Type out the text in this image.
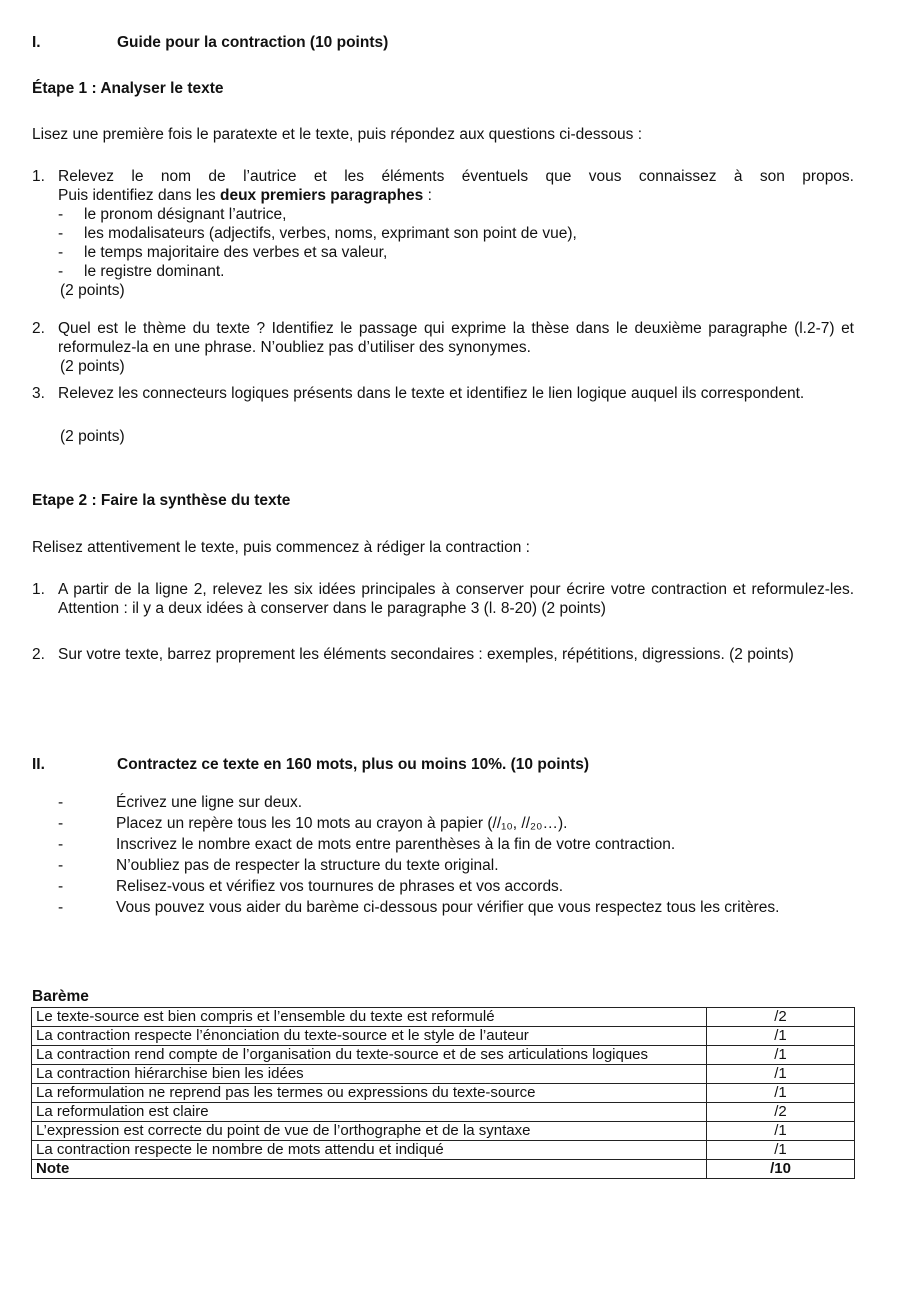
I.	Guide pour la contraction (10 points)
Étape 1 : Analyser le texte
Lisez une première fois le paratexte et le texte, puis répondez aux questions ci-dessous :
1. Relevez le nom de l’autrice et les éléments éventuels que vous connaissez à son propos.
Puis identifiez dans les deux premiers paragraphes :
- le pronom désignant l’autrice,
- les modalisateurs (adjectifs, verbes, noms, exprimant son point de vue),
- le temps majoritaire des verbes et sa valeur,
- le registre dominant.
(2 points)
2. Quel est le thème du texte ? Identifiez le passage qui exprime la thèse dans le deuxième paragraphe (l.2-7) et reformulez-la en une phrase. N’oubliez pas d’utiliser des synonymes.
(2 points)
3. Relevez les connecteurs logiques présents dans le texte et identifiez le lien logique auquel ils correspondent.
(2 points)
Etape 2 : Faire la synthèse du texte
Relisez attentivement le texte, puis commencez à rédiger la contraction :
1. A partir de la ligne 2, relevez les six idées principales à conserver pour écrire votre contraction et reformulez-les. Attention : il y a deux idées à conserver dans le paragraphe 3 (l. 8-20) (2 points)
2. Sur votre texte, barrez proprement les éléments secondaires : exemples, répétitions, digressions. (2 points)
II.	Contractez ce texte en 160 mots, plus ou moins 10%. (10 points)
-	Écrivez une ligne sur deux.
-	Placez un repère tous les 10 mots au crayon à papier (//₁₀, //₂₀…).
-	Inscrivez le nombre exact de mots entre parenthèses à la fin de votre contraction.
-	N’oubliez pas de respecter la structure du texte original.
-	Relisez-vous et vérifiez vos tournures de phrases et vos accords.
-	Vous pouvez vous aider du barème ci-dessous pour vérifier que vous respectez tous les critères.
Barème
Le texte-source est bien compris et l’ensemble du texte est reformulé	/2
La contraction respecte l’énonciation du texte-source et le style de l’auteur	/1
La contraction rend compte de l’organisation du texte-source et de ses articulations logiques	/1
La contraction hiérarchise bien les idées	/1
La reformulation ne reprend pas les termes ou expressions du texte-source	/1
La reformulation est claire	/2
L’expression est correcte du point de vue de l’orthographe et de la syntaxe	/1
La contraction respecte le nombre de mots attendu et indiqué	/1
Note	/10
